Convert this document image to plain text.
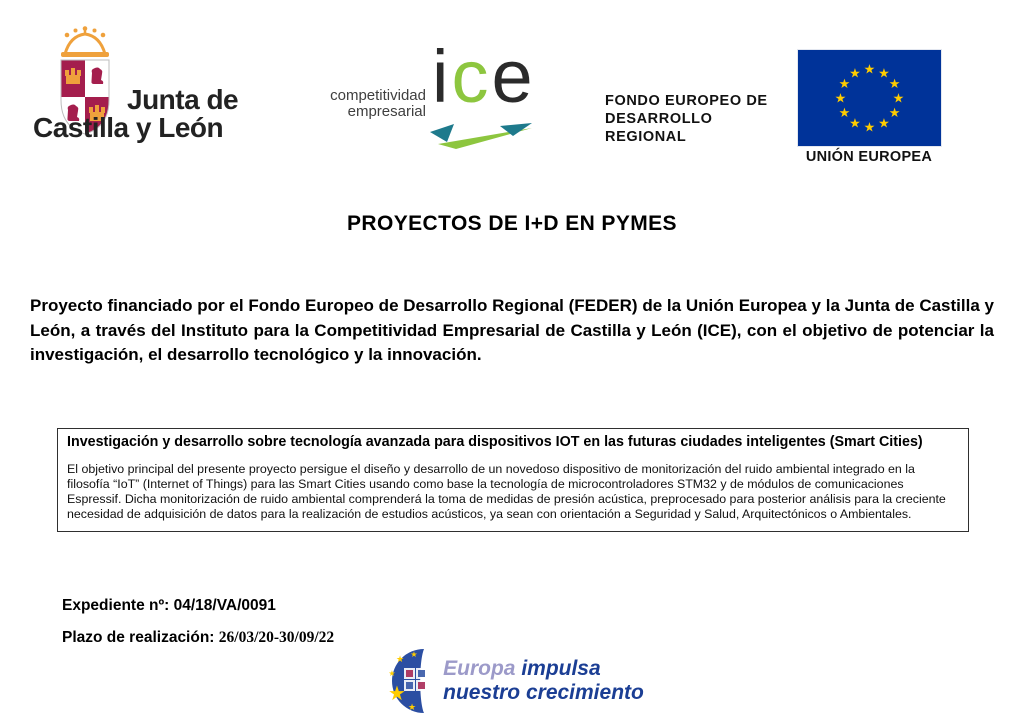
Junta de
Castilla y León
competitividad
empresarial ice	FONDO EUROPEO DE
DESARROLLO
REGIONAL
★ ★
★
★
★
★
★
★
★
★
★
★
UNIÓN EUROPEA
PROYECTOS DE I+D EN PYMES

Proyecto financiado por el Fondo Europeo de Desarrollo Regional (FEDER) de la Unión Europea y la Junta de Castilla y León, a través del Instituto para la Competitividad Empresarial de Castilla y León (ICE), con el objetivo de potenciar la investigación, el desarrollo tecnológico y la innovación.

Investigación y desarrollo sobre tecnología avanzada para dispositivos IOT en las futuras ciudades inteligentes (Smart Cities)
El objetivo principal del presente proyecto persigue el diseño y desarrollo de un novedoso dispositivo de monitorización del ruido ambiental integrado en la filosofía “IoT” (Internet of Things) para las Smart Cities usando como base la tecnología de microcontroladores STM32 y de módulos de comunicaciones Espressif. Dicha monitorización de ruido ambiental comprenderá la toma de medidas de presión acústica, preprocesado para posterior análisis para la creciente necesidad de adquisición de datos para la realización de estudios acústicos, ya sean con orientación a Seguridad y Salud, Arquitectónicos o Ambientales.
Expediente nº: 04/18/VA/0091
Plazo de realización: 26/03/20-30/09/22
★
★
★
★
★
Europa impulsa
nuestro crecimiento
